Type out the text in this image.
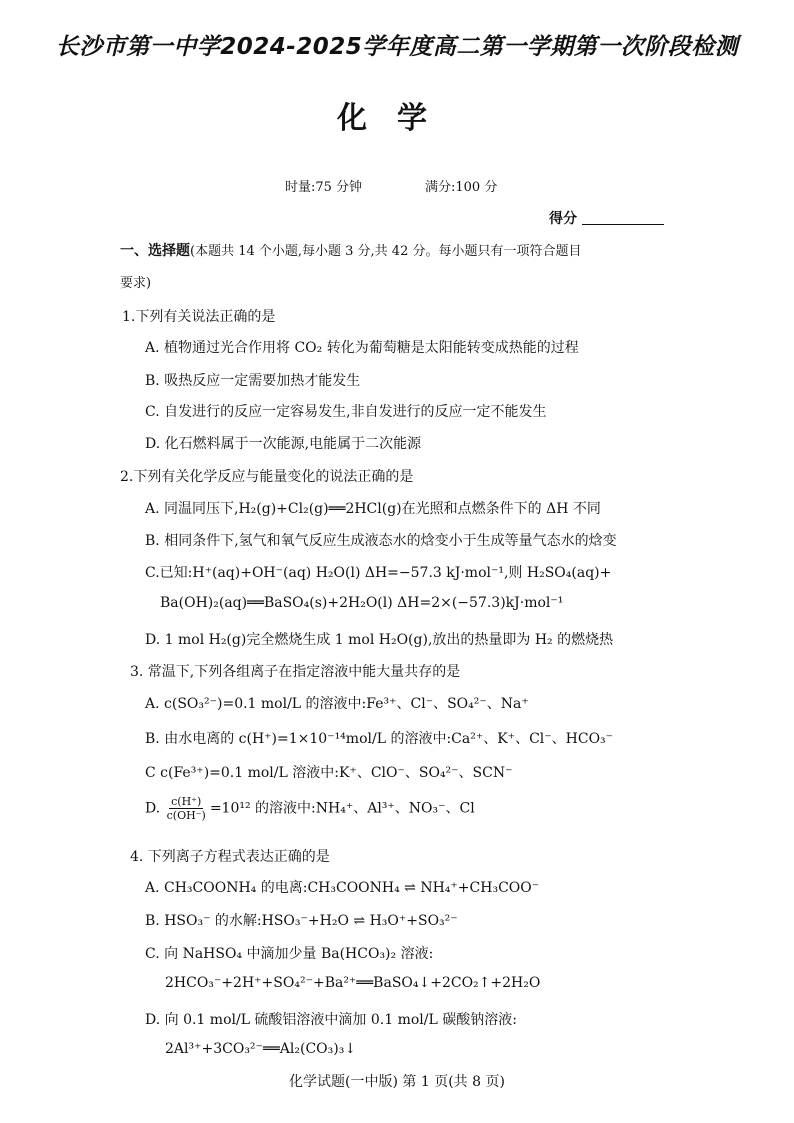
长沙市第一中学2024-2025学年度高二第一学期第一次阶段检测
化学
时量:75 分钟	满分:100 分
得分
一、选择题(本题共 14 个小题,每小题 3 分,共 42 分。每小题只有一项符合题目
要求)
1.下列有关说法正确的是
A. 植物通过光合作用将 CO₂ 转化为葡萄糖是太阳能转变成热能的过程
B. 吸热反应一定需要加热才能发生
C. 自发进行的反应一定容易发生,非自发进行的反应一定不能发生
D. 化石燃料属于一次能源,电能属于二次能源
2.下列有关化学反应与能量变化的说法正确的是
A. 同温同压下,H₂(g)+Cl₂(g)══2HCl(g)在光照和点燃条件下的 ΔH 不同
B. 相同条件下,氢气和氧气反应生成液态水的焓变小于生成等量气态水的焓变
C.已知:H⁺(aq)+OH⁻(aq) H₂O(l) ΔH=−57.3 kJ·mol⁻¹,则 H₂SO₄(aq)+
Ba(OH)₂(aq)══BaSO₄(s)+2H₂O(l) ΔH=2×(−57.3)kJ·mol⁻¹
D. 1 mol H₂(g)完全燃烧生成 1 mol H₂O(g),放出的热量即为 H₂ 的燃烧热
3. 常温下,下列各组离子在指定溶液中能大量共存的是
A. c(SO₃²⁻)=0.1 mol/L 的溶液中:Fe³⁺、Cl⁻、SO₄²⁻、Na⁺
B. 由水电离的 c(H⁺)=1×10⁻¹⁴mol/L 的溶液中:Ca²⁺、K⁺、Cl⁻、HCO₃⁻
C c(Fe³⁺)=0.1 mol/L 溶液中:K⁺、ClO⁻、SO₄²⁻、SCN⁻
D. $\frac{c(H^+)}{c(OH^-)} =10^{12}$ 的溶液中:NH₄⁺、Al³⁺、NO₃⁻、Cl
4. 下列离子方程式表达正确的是
A. CH₃COONH₄ 的电离:CH₃COONH₄ ⇌ NH₄⁺+CH₃COO⁻
B. HSO₃⁻ 的水解:HSO₃⁻+H₂O ⇌ H₃O⁺+SO₃²⁻
C. 向 NaHSO₄ 中滴加少量 Ba(HCO₃)₂ 溶液:
2HCO₃⁻+2H⁺+SO₄²⁻+Ba²⁺══BaSO₄↓+2CO₂↑+2H₂O
D. 向 0.1 mol/L 硫酸铝溶液中滴加 0.1 mol/L 碳酸钠溶液:
2Al³⁺+3CO₃²⁻══Al₂(CO₃)₃↓
化学试题(一中版) 第 1 页(共 8 页)
